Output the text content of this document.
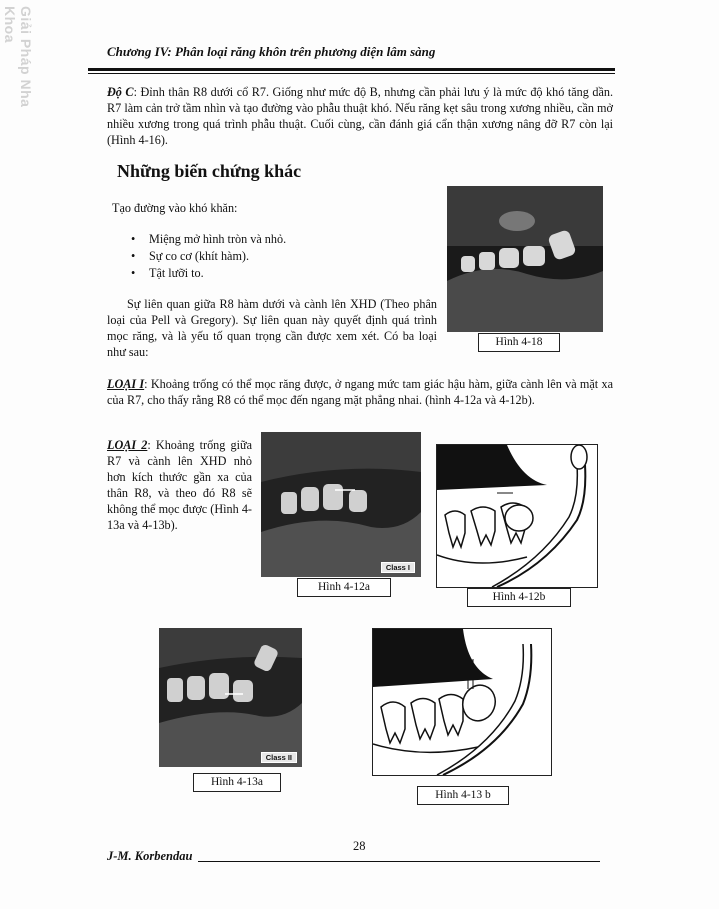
Giải Pháp Nha Khoa
Chương IV: Phân loại răng khôn trên phương diện lâm sàng
Độ C: Đỉnh thân R8 dưới cổ R7. Giống như mức độ B, nhưng cần phải lưu ý là mức độ khó tăng dần. R7 làm cản trở tầm nhìn và tạo đường vào phẫu thuật khó. Nếu răng kẹt sâu trong xương nhiều, cần mở nhiều xương trong quá trình phẫu thuật. Cuối cùng, cần đánh giá cẩn thận xương nâng đỡ R7 còn lại (Hình 4-16).
Những biến chứng khác
Tạo đường vào khó khăn:
• Miệng mở hình tròn và nhỏ.
• Sự co cơ (khít hàm).
• Tật lưỡi to.
Sự liên quan giữa R8 hàm dưới và cành lên XHD (Theo phân loại của Pell và Gregory). Sự liên quan này quyết định quá trình mọc răng, và là yếu tố quan trọng cần được xem xét. Có ba loại như sau:
Hình 4-18
LOẠI I: Khoảng trống có thể mọc răng được, ở ngang mức tam giác hậu hàm, giữa cành lên và mặt xa của R7, cho thấy rằng R8 có thể mọc đến ngang mặt phẳng nhai. (hình 4-12a và 4-12b).
LOẠI 2: Khoảng trống giữa R7 và cành lên XHD nhỏ hơn kích thước gần xa của thân R8, và theo đó R8 sẽ không thể mọc được (Hình 4-13a và 4-13b).
Class I
Hình 4-12a
Hình 4-12b
Class II
Hình 4-13a
Hình 4-13 b
28
J-M. Korbendau
